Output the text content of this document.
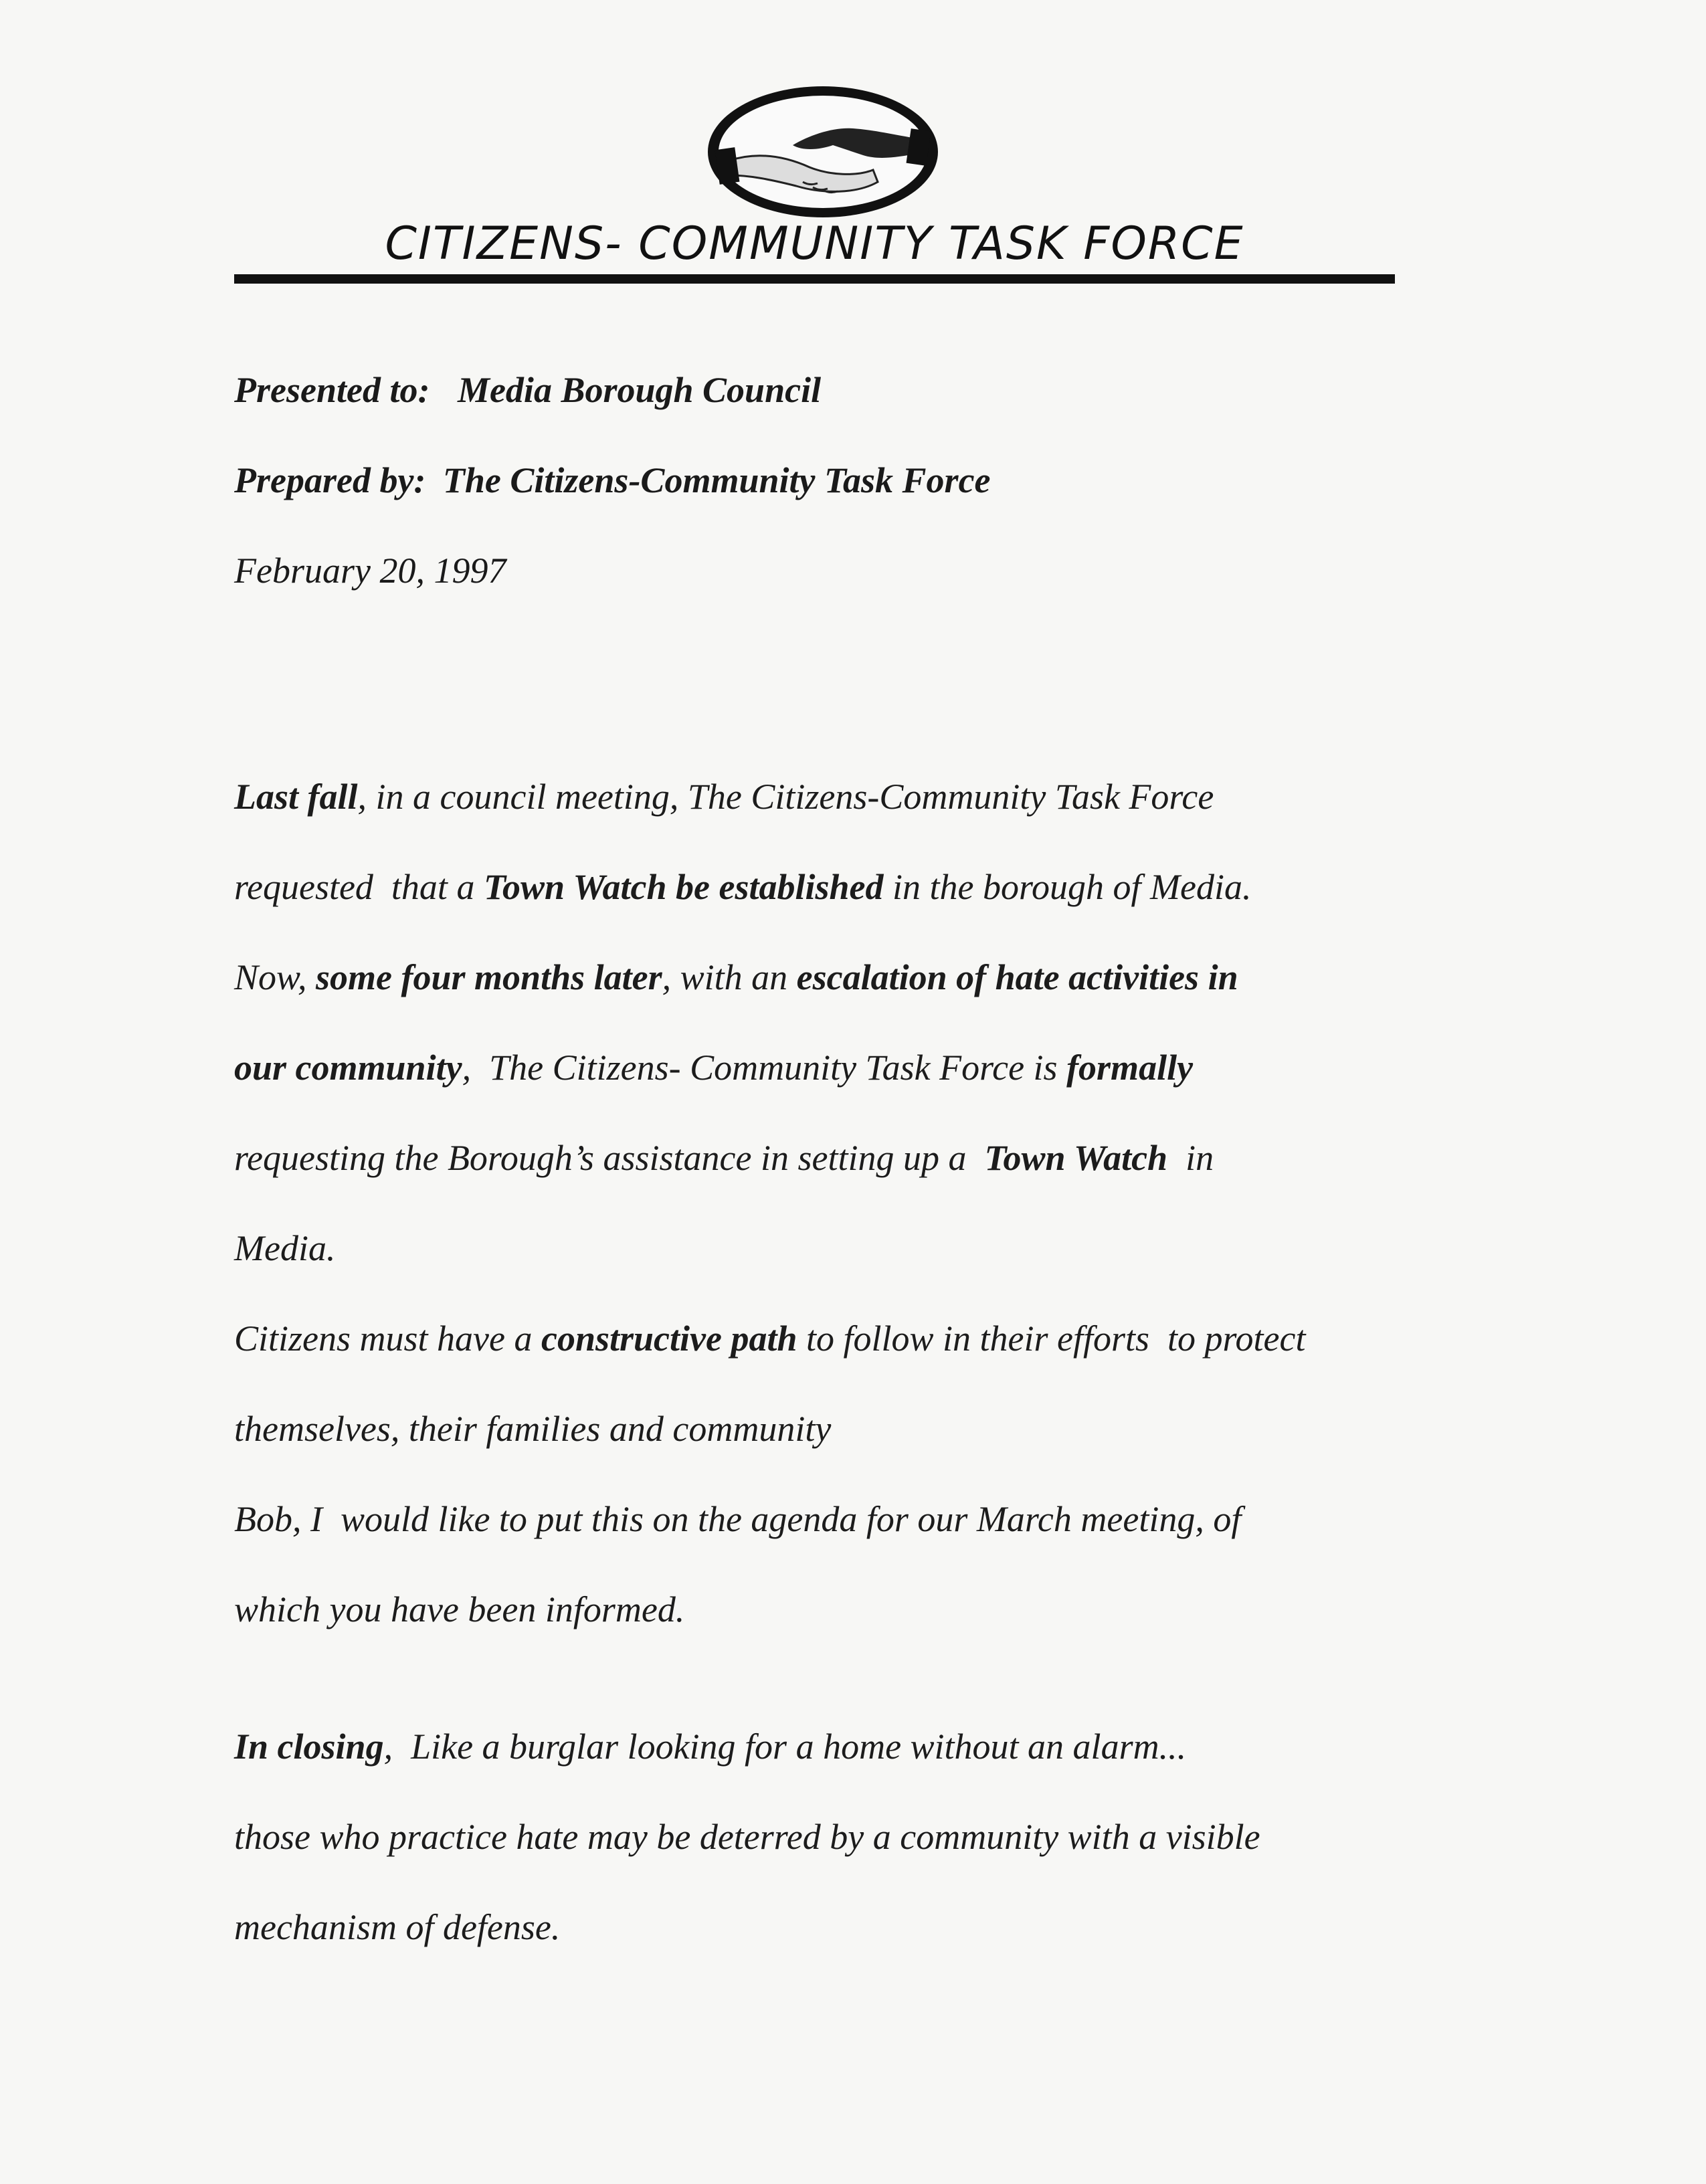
CITIZENS- COMMUNITY TASK FORCE
Presented to: Media Borough Council
Prepared by: The Citizens-Community Task Force
February 20, 1997
Last fall, in a council meeting, The Citizens-Community Task Force
requested  that a Town Watch be established in the borough of Media.
Now, some four months later, with an escalation of hate activities in
our community,  The Citizens- Community Task Force is formally
requesting the Borough’s assistance in setting up a  Town Watch  in
Media.
Citizens must have a constructive path to follow in their efforts  to protect
themselves, their families and community
Bob, I  would like to put this on the agenda for our March meeting, of
which you have been informed.
In closing,  Like a burglar looking for a home without an alarm...
those who practice hate may be deterred by a community with a visible
mechanism of defense.
